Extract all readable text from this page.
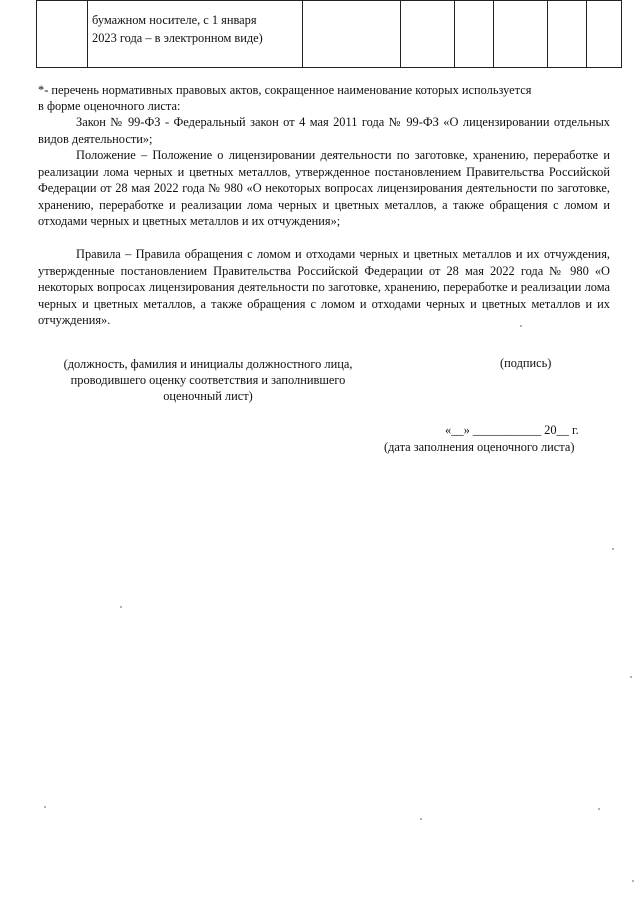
бумажном носителе, с 1 января
2023 года – в электронном виде)

*- перечень нормативных правовых актов, сокращенное наименование которых используется
в форме оценочного листа:

Закон № 99-ФЗ - Федеральный закон от 4 мая 2011 года № 99-ФЗ «О лицензировании отдельных видов деятельности»;

Положение – Положение о лицензировании деятельности по заготовке, хранению, переработке и реализации лома черных и цветных металлов, утвержденное постановлением Правительства Российской Федерации от 28 мая 2022 года № 980 «О некоторых вопросах лицензирования деятельности по заготовке, хранению, переработке и реализации лома черных и цветных металлов, а также обращения с ломом и отходами черных и цветных металлов и их отчуждения»;

Правила – Правила обращения с ломом и отходами черных и цветных металлов и их отчуждения, утвержденные постановлением Правительства Российской Федерации от 28 мая 2022 года № 980 «О некоторых вопросах лицензирования деятельности по заготовке, хранению, переработке и реализации лома черных и цветных металлов, а также обращения с ломом и отходами черных и цветных металлов и их отчуждения».

(должность, фамилия и инициалы должностного лица,
проводившего оценку соответствия и заполнившего
оценочный лист)
(подпись)
«__» ___________ 20__ г.
(дата заполнения оценочного листа)
